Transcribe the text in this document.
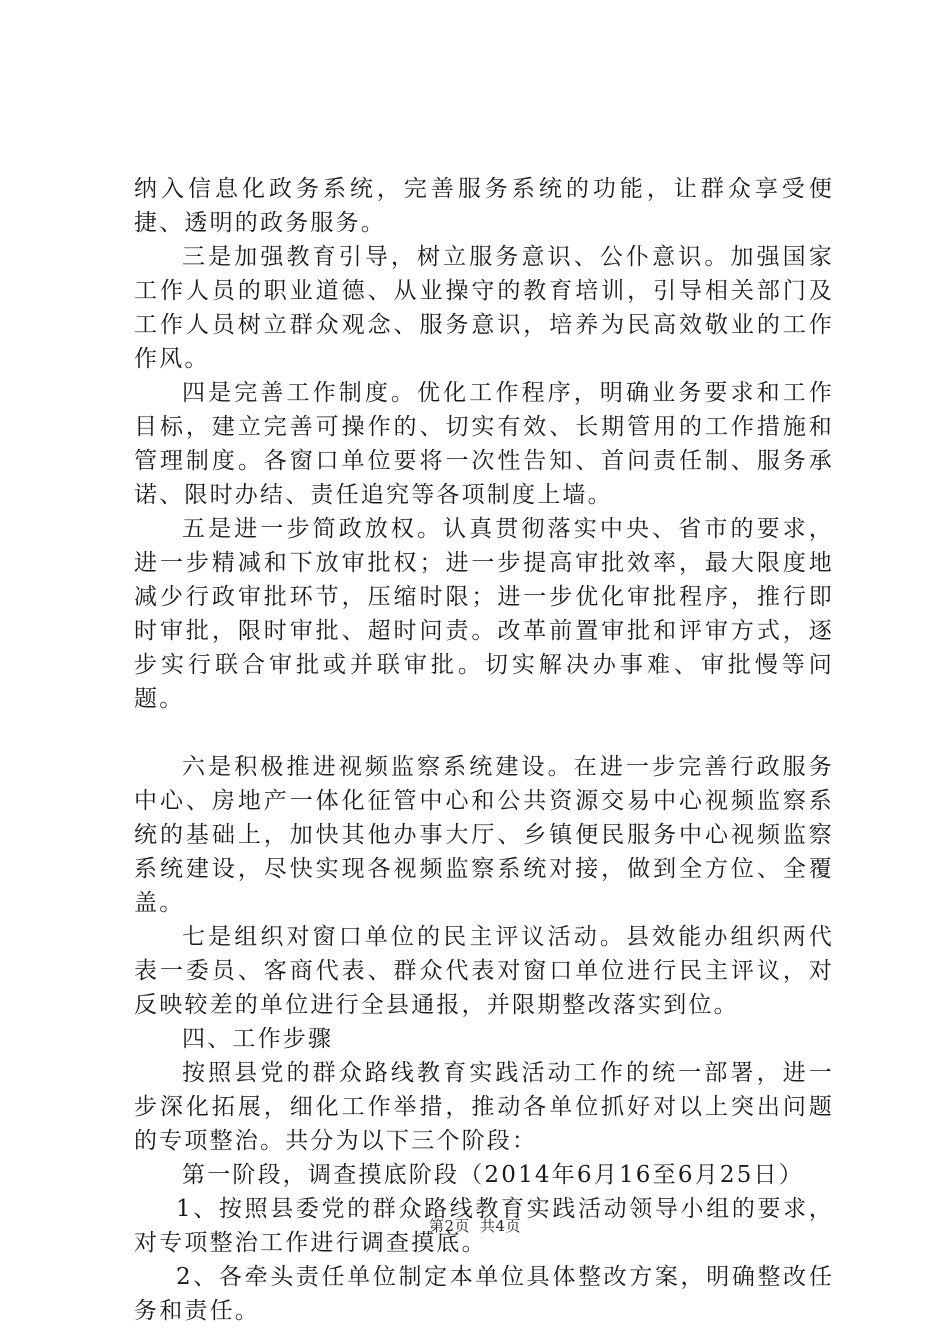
纳入信息化政务系统，完善服务系统的功能，让群众享受便捷、透明的政务服务。

三是加强教育引导，树立服务意识、公仆意识。加强国家工作人员的职业道德、从业操守的教育培训，引导相关部门及工作人员树立群众观念、服务意识，培养为民高效敬业的工作作风。

四是完善工作制度。优化工作程序，明确业务要求和工作目标，建立完善可操作的、切实有效、长期管用的工作措施和管理制度。各窗口单位要将一次性告知、首问责任制、服务承诺、限时办结、责任追究等各项制度上墙。

五是进一步简政放权。认真贯彻落实中央、省市的要求，进一步精减和下放审批权；进一步提高审批效率，最大限度地减少行政审批环节，压缩时限；进一步优化审批程序，推行即时审批，限时审批、超时问责。改革前置审批和评审方式，逐步实行联合审批或并联审批。切实解决办事难、审批慢等问题。

六是积极推进视频监察系统建设。在进一步完善行政服务中心、房地产一体化征管中心和公共资源交易中心视频监察系统的基础上，加快其他办事大厅、乡镇便民服务中心视频监察系统建设，尽快实现各视频监察系统对接，做到全方位、全覆盖。

七是组织对窗口单位的民主评议活动。县效能办组织两代表一委员、客商代表、群众代表对窗口单位进行民主评议，对反映较差的单位进行全县通报，并限期整改落实到位。

四、工作步骤

按照县党的群众路线教育实践活动工作的统一部署，进一步深化拓展，细化工作举措，推动各单位抓好对以上突出问题的专项整治。共分为以下三个阶段：

第一阶段，调查摸底阶段（2014年6月16至6月25日）

1、按照县委党的群众路线教育实践活动领导小组的要求，对专项整治工作进行调查摸底。

2、各牵头责任单位制定本单位具体整改方案，明确整改任务和责任。

第2页 共4页
